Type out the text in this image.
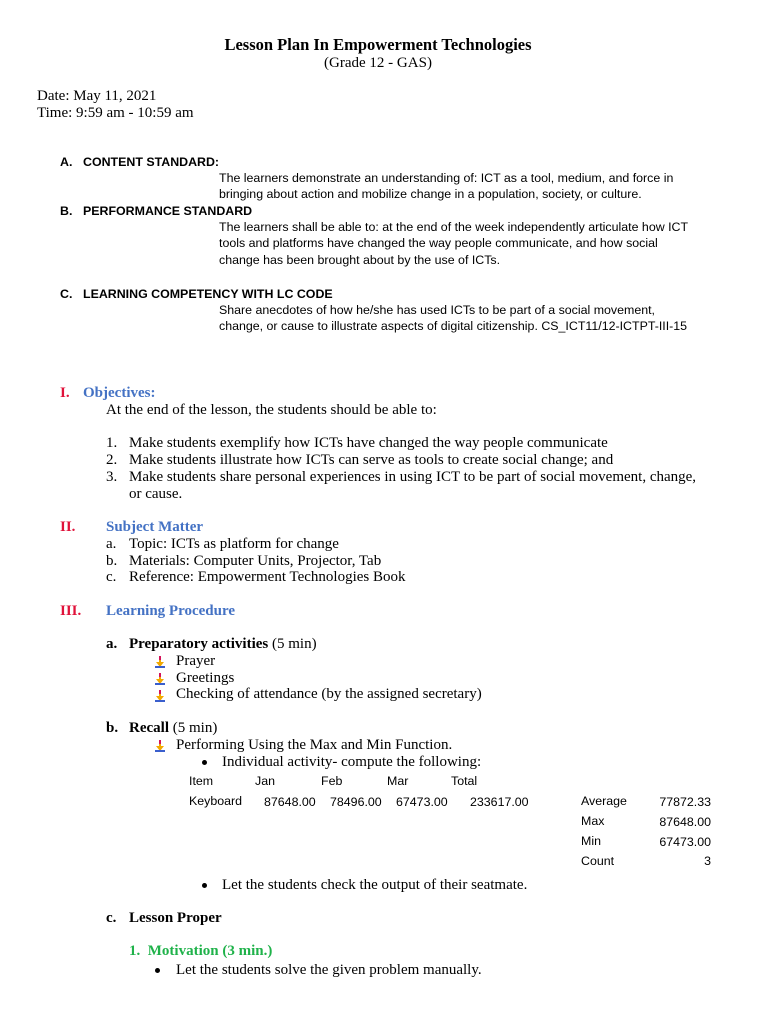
Lesson Plan In Empowerment Technologies
(Grade 12 - GAS)
Date: May 11, 2021
Time: 9:59 am - 10:59 am
A. CONTENT STANDARD:
The learners demonstrate an understanding of: ICT as a tool, medium, and force in
bringing about action and mobilize change in a population, society, or culture.
B. PERFORMANCE STANDARD
The learners shall be able to: at the end of the week independently articulate how ICT
tools and platforms have changed the way people communicate, and how social
change has been brought about by the use of ICTs.
C. LEARNING COMPETENCY WITH LC CODE
Share anecdotes of how he/she has used ICTs to be part of a social movement,
change, or cause to illustrate aspects of digital citizenship. CS_ICT11/12-ICTPT-III-15
I. Objectives:
At the end of the lesson, the students should be able to:
1. Make students exemplify how ICTs have changed the way people communicate
2. Make students illustrate how ICTs can serve as tools to create social change; and
3. Make students share personal experiences in using ICT to be part of social movement, change,
or cause.
II. Subject Matter
a. Topic: ICTs as platform for change
b. Materials: Computer Units, Projector, Tab
c. Reference: Empowerment Technologies Book
III. Learning Procedure
a. Preparatory activities (5 min)
Prayer
Greetings
Checking of attendance (by the assigned secretary)
b. Recall (5 min)
Performing Using the Max and Min Function.
Individual activity- compute the following:
Item	Jan	Feb	Mar	Total
Keyboard 87648.00 78496.00 67473.00 233617.00	Average	77872.33
Max	87648.00
Min	67473.00
Count	3
Let the students check the output of their seatmate.
c. Lesson Proper
1.  Motivation (3 min.)
Let the students solve the given problem manually.
